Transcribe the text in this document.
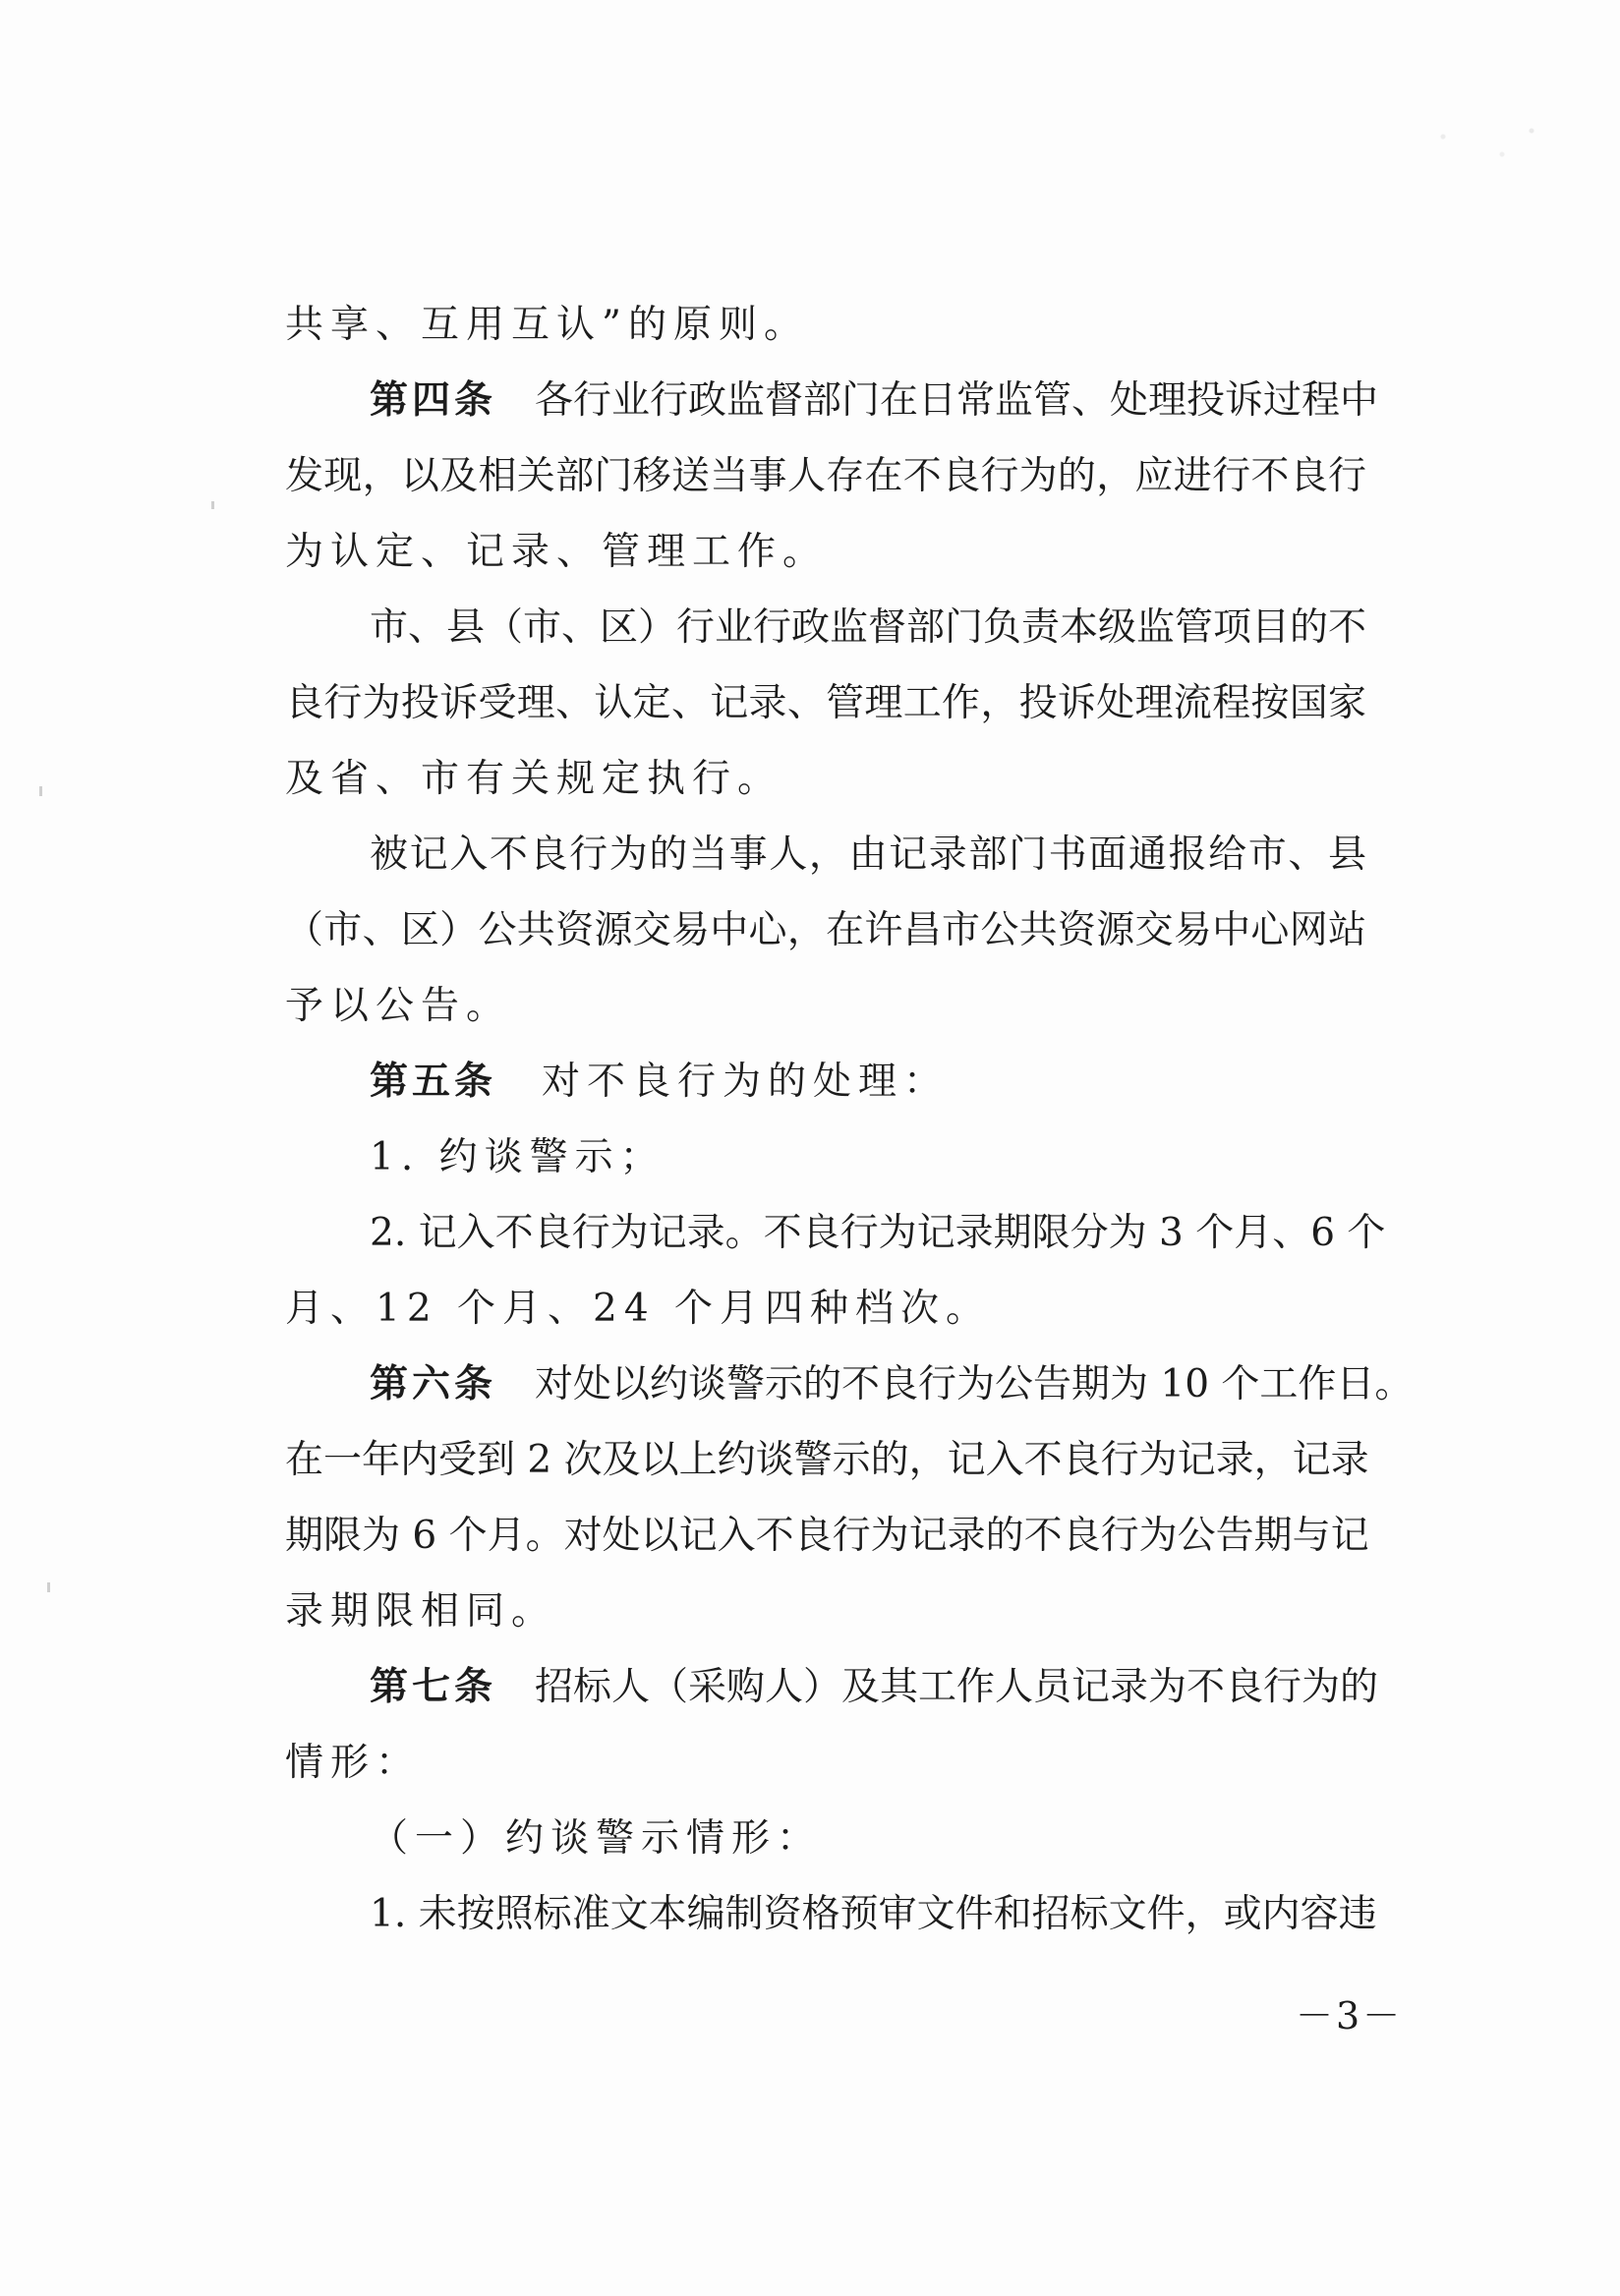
共享、互用互认”的原则。
第四条  各行业行政监督部门在日常监管、处理投诉过程中
发现，以及相关部门移送当事人存在不良行为的，应进行不良行
为认定、记录、管理工作。
市、县（市、区）行业行政监督部门负责本级监管项目的不
良行为投诉受理、认定、记录、管理工作，投诉处理流程按国家
及省、市有关规定执行。
被记入不良行为的当事人，由记录部门书面通报给市、县
（市、区）公共资源交易中心，在许昌市公共资源交易中心网站
予以公告。
第五条  对不良行为的处理：
1. 约谈警示；
2. 记入不良行为记录。不良行为记录期限分为 3 个月、6 个
月、12 个月、24 个月四种档次。
第六条  对处以约谈警示的不良行为公告期为 10 个工作日。
在一年内受到 2 次及以上约谈警示的，记入不良行为记录，记录
期限为 6 个月。对处以记入不良行为记录的不良行为公告期与记
录期限相同。
第七条  招标人（采购人）及其工作人员记录为不良行为的
情形：
（一）约谈警示情形：
1. 未按照标准文本编制资格预审文件和招标文件，或内容违
－3－
